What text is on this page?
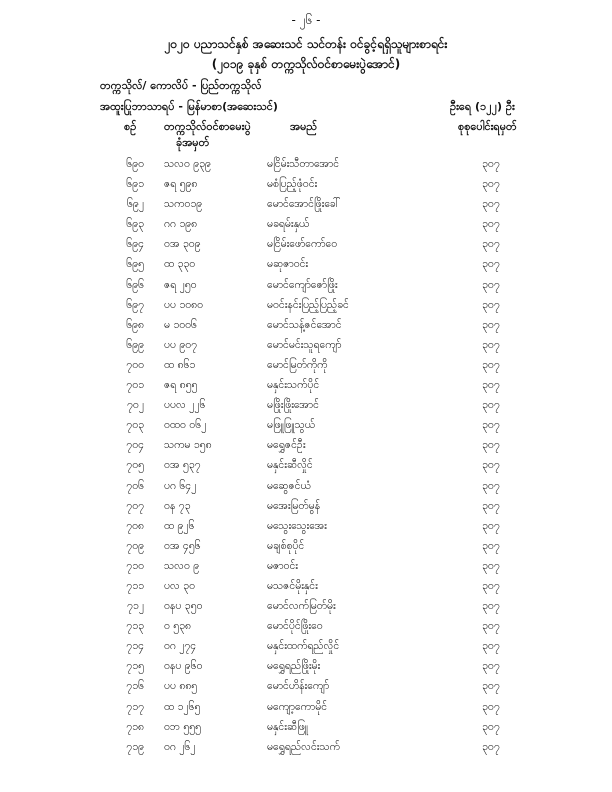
- ၂၆ -
၂၀၂၀ ပညာသင်နှစ် အဆေးသင် သင်တန်း ဝင်ခွင့်ရရှိသူများစာရင်း
(၂၀၁၉ ခုနှစ် တက္ကသိုလ်ဝင်စာမေးပွဲအောင်)
တက္ကသိုလ်/ ကောလိပ် - ပြည်တက္ကသိုလ်
အထူးပြုဘာသာရပ် - မြန်မာစာ(အဆေးသင်)	ဦးရေ (၁၂၂) ဦး
စဉ်	တက္ကသိုလ်ဝင်စာမေးပွဲ
ခုံအမှတ်
အမည်	စုစုပေါင်းရမှတ်
၆၉၀ သလ၀ ၉၃၉	မငြိမ်းသီတာအောင်	၃၀၇
၆၉၁ ဇရ ၅၉၈	မစံပြည့်ဖုံဝင်း	၃၀၇
၆၉၂ သက၀၁၉	မောင်အောင်ဖြိုးခေါ်	၃၀၇
၆၉၃ ဂဂ ၁၉၈	မခရမ်းနှယ်	၃၀၇
၆၉၄ ဝအ ၃၀၉	မငြိမ်းဖော်ကော်ဝေ	၃၀၇
၆၉၅ ထ ၃၃၀	မဆုဇာဝင်း	၃၀၇
၆၉၆ ဇရ ၂၅၀	မောင်ကျော်ဇော်ဖြိုး	၃၀၇
၆၉၇ ပပ ၁၀၈၀	မဝင်းနင်းပြည့်ပြည့်ခင်	၃၀၇
၆၉၈ မ ၁၀၀၆	မောင်သန့်ဇင်အောင်	၃၀၇
၆၉၉ ပပ ၉၀၇	မောင်မင်းသူရကျော်	၃၀၇
၇၀၀ ထ ၈၆၁	မောင်မြတ်ကိုကို	၃၀၇
၇၀၁ ဇရ ၈၅၅	မနှင်းသက်ပိုင်	၃၀၇
၇၀၂ ပပလ ၂၂၆	မဖြိုးဖြိုးအောင်	၃၀၇
၇၀၃ ဝထ၀ ၀၆၂	မဖြူဖြူသွယ်	၃၀၇
၇၀၄ သကမ ၁၅၈	မရွှေဇင်ဦး	၃၀၇
၇၀၅ ဝအ ၅၃၇	မနှင်းဆီလှိုင်	၃၀၇
၇၀၆ ပဂ ၆၄၂	မဆွေဇင်ယံ	၃၀၇
၇၀၇ ဝန ၇၃	မအေးမြတ်မွန်	၃၀၇
၇၀၈ ထ ၉၂၆	မသွေးသွေးအေး	၃၀၇
၇၀၉ ဝအ ၄၅၆	မချစ်စုပိုင်	၃၀၇
၇၁၀ သလ၀ ၉	မဇာဝင်း	၃၀၇
၇၁၁ ပလ ၃၀	မသဇင်မိုးနှင်း	၃၀၇
၇၁၂ ဝနပ ၃၅၀	မောင်လက်မြတ်မိုး	၃၀၇
၇၁၃ ဝ ၅၃၈	မောင်ပိုင်ဖြိုးဝေ	၃၀၇
၇၁၄ ဝဂ ၂၇၄	မနှင်းထက်ရည်လှိုင်	၃၀၇
၇၁၅ ဝနပ ၉၆၀	မရွှေရည်ဖြိုးမိုး	၃၀၇
၇၁၆ ပပ ၈၈၅	မောင်ဟိန်းကျော်	၃၀၇
၇၁၇ ထ ၁၂၆၅	မကျော့ကောမိုင်	၃၀၇
၇၁၈ ဝဘ ၅၅၅	မနှင်းဆီဖြူ	၃၀၇
၇၁၉ ဝဂ ၂၆၂	မရွှေရည်လင်းသက်	၃၀၇
